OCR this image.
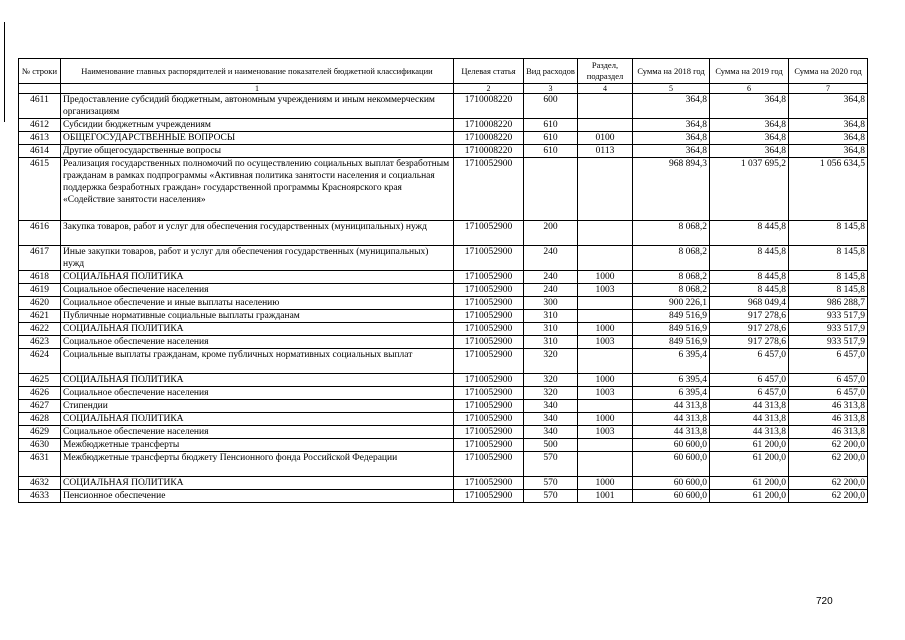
№ строки	Наименование главных распорядителей и наименование показателей бюджетной классификации	Целевая статья	Вид расходов	Раздел, подраздел	Сумма на 2018 год	Сумма на 2019 год	Сумма на 2020 год
	1	2	3	4	5	6	7
4611	Предоставление субсидий бюджетным, автономным учреждениям и иным некоммерческим организациям	1710008220	600		364,8	364,8	364,8
4612	Субсидии бюджетным учреждениям	1710008220	610		364,8	364,8	364,8
4613	ОБЩЕГОСУДАРСТВЕННЫЕ ВОПРОСЫ	1710008220	610	0100	364,8	364,8	364,8
4614	Другие общегосударственные вопросы	1710008220	610	0113	364,8	364,8	364,8
4615	Реализация государственных полномочий по осуществлению социальных выплат безработным гражданам в рамках подпрограммы «Активная политика занятости населения и социальная поддержка безработных граждан» государственной программы Красноярского края «Содействие занятости населения»	1710052900			968 894,3	1 037 695,2	1 056 634,5
4616	Закупка товаров, работ и услуг для обеспечения государственных (муниципальных) нужд	1710052900	200		8 068,2	8 445,8	8 145,8
4617	Иные закупки товаров, работ и услуг для обеспечения государственных (муниципальных) нужд	1710052900	240		8 068,2	8 445,8	8 145,8
4618	СОЦИАЛЬНАЯ ПОЛИТИКА	1710052900	240	1000	8 068,2	8 445,8	8 145,8
4619	Социальное обеспечение населения	1710052900	240	1003	8 068,2	8 445,8	8 145,8
4620	Социальное обеспечение и иные выплаты населению	1710052900	300		900 226,1	968 049,4	986 288,7
4621	Публичные нормативные социальные выплаты гражданам	1710052900	310		849 516,9	917 278,6	933 517,9
4622	СОЦИАЛЬНАЯ ПОЛИТИКА	1710052900	310	1000	849 516,9	917 278,6	933 517,9
4623	Социальное обеспечение населения	1710052900	310	1003	849 516,9	917 278,6	933 517,9
4624	Социальные выплаты гражданам, кроме публичных нормативных социальных выплат	1710052900	320		6 395,4	6 457,0	6 457,0
4625	СОЦИАЛЬНАЯ ПОЛИТИКА	1710052900	320	1000	6 395,4	6 457,0	6 457,0
4626	Социальное обеспечение населения	1710052900	320	1003	6 395,4	6 457,0	6 457,0
4627	Стипендии	1710052900	340		44 313,8	44 313,8	46 313,8
4628	СОЦИАЛЬНАЯ ПОЛИТИКА	1710052900	340	1000	44 313,8	44 313,8	46 313,8
4629	Социальное обеспечение населения	1710052900	340	1003	44 313,8	44 313,8	46 313,8
4630	Межбюджетные трансферты	1710052900	500		60 600,0	61 200,0	62 200,0
4631	Межбюджетные трансферты бюджету Пенсионного фонда Российской Федерации	1710052900	570		60 600,0	61 200,0	62 200,0
4632	СОЦИАЛЬНАЯ ПОЛИТИКА	1710052900	570	1000	60 600,0	61 200,0	62 200,0
4633	Пенсионное обеспечение	1710052900	570	1001	60 600,0	61 200,0	62 200,0
720
